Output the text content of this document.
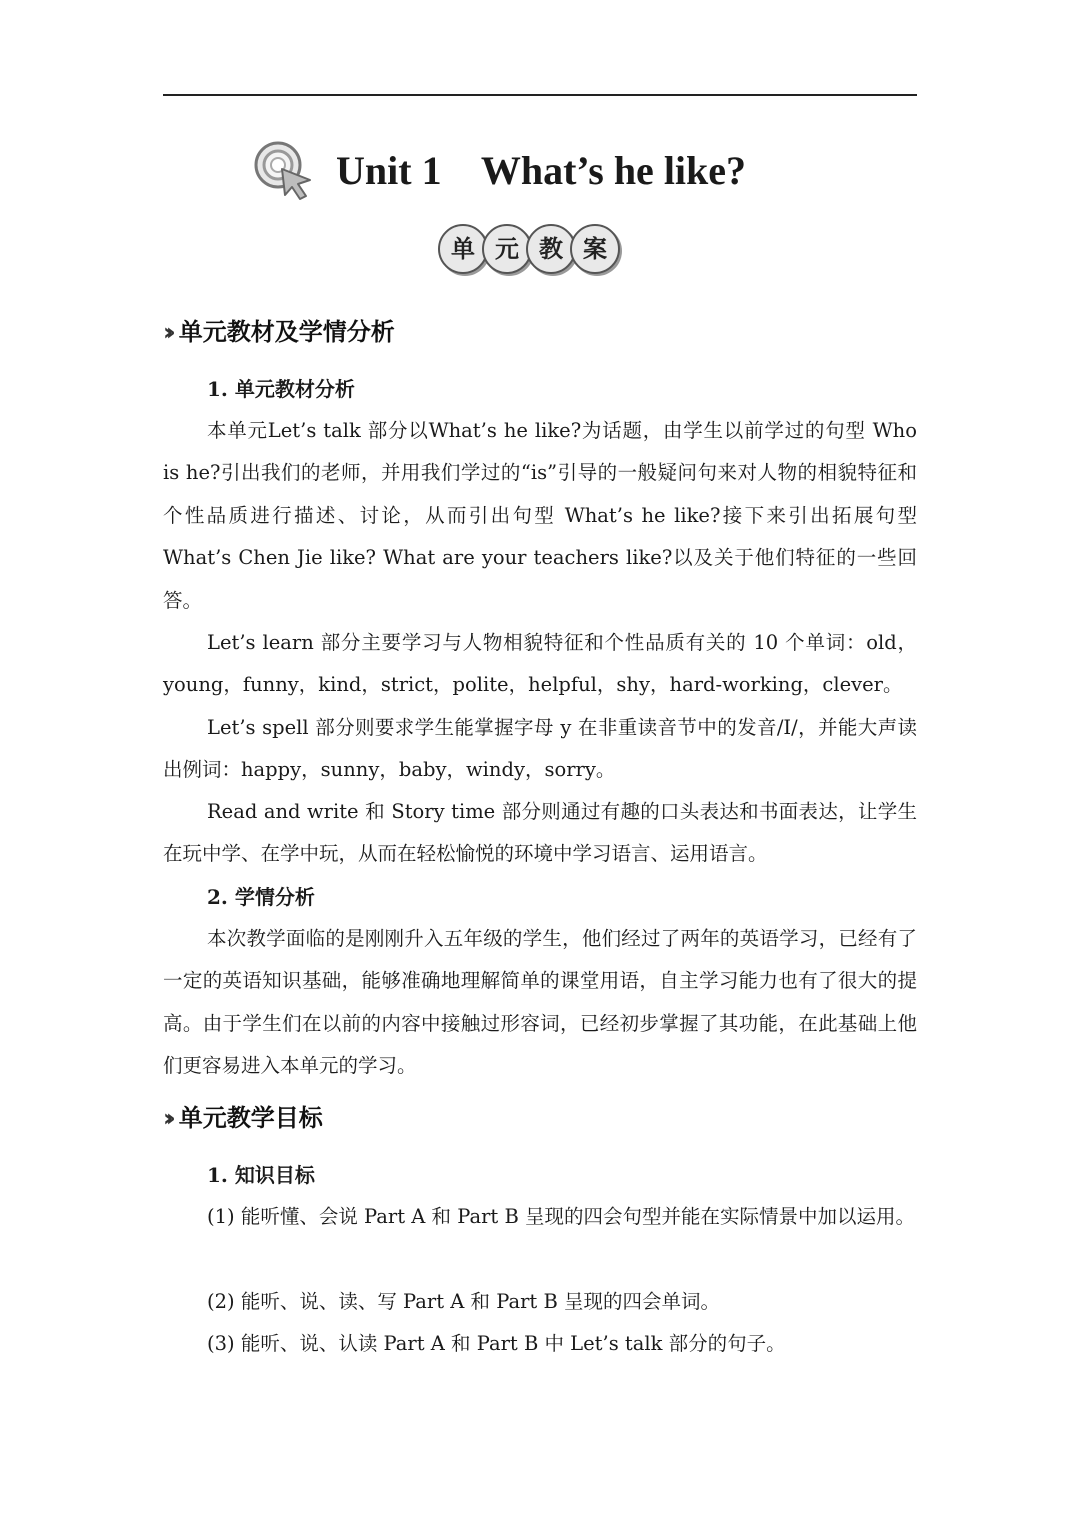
Unit 1    What’s he like?
单 元 教 案
›› 单元教材及学情分析
1. 单元教材分析

本单元Let’s talk 部分以What’s he like?为话题，由学生以前学过的句型 Who is he?引出我们的老师，并用我们学过的“is”引导的一般疑问句来对人物的相貌特征和个性品质进行描述、讨论，从而引出句型 What’s he like?接下来引出拓展句型 What’s Chen Jie like? What are your teachers like?以及关于他们特征的一些回答。

Let’s learn 部分主要学习与人物相貌特征和个性品质有关的 10 个单词：old，young，funny，kind，strict，polite，helpful，shy，hard-working，clever。

Let’s spell 部分则要求学生能掌握字母 y 在非重读音节中的发音/I/，并能大声读出例词：happy，sunny，baby，windy，sorry。

Read and write 和 Story time 部分则通过有趣的口头表达和书面表达，让学生在玩中学、在学中玩，从而在轻松愉悦的环境中学习语言、运用语言。

2. 学情分析

本次教学面临的是刚刚升入五年级的学生，他们经过了两年的英语学习，已经有了一定的英语知识基础，能够准确地理解简单的课堂用语，自主学习能力也有了很大的提高。由于学生们在以前的内容中接触过形容词，已经初步掌握了其功能，在此基础上他们更容易进入本单元的学习。

›› 单元教学目标
1. 知识目标

(1) 能听懂、会说 Part A 和 Part B 呈现的四会句型并能在实际情景中加以运用。

(2) 能听、说、读、写 Part A 和 Part B 呈现的四会单词。

(3) 能听、说、认读 Part A 和 Part B 中 Let’s talk 部分的句子。
